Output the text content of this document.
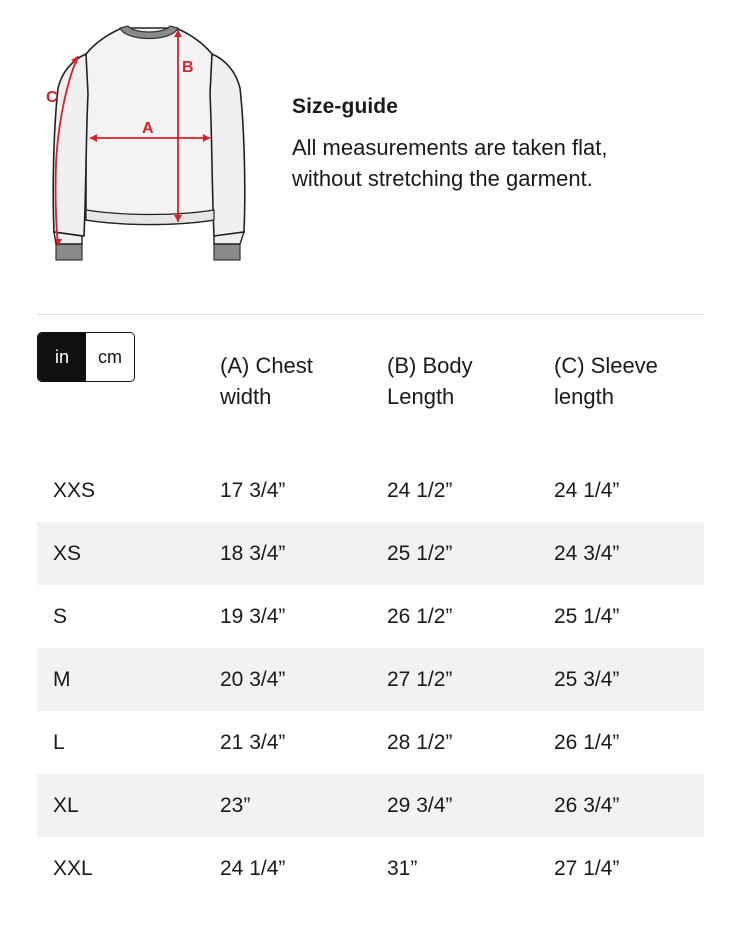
A
B
C	Size-guide

All measurements are taken flat,
without stretching the garment.

in	cm	(A) Chest
width
(B) Body
Length
(C) Sleeve
length
XXS	17 3/4”	24 1/2”	24 1/4”
XS	18 3/4”	25 1/2”	24 3/4”
S	19 3/4”	26 1/2”	25 1/4”
M	20 3/4”	27 1/2”	25 3/4”
L	21 3/4”	28 1/2”	26 1/4”
XL	23”	29 3/4”	26 3/4”
XXL	24 1/4”	31”	27 1/4”
